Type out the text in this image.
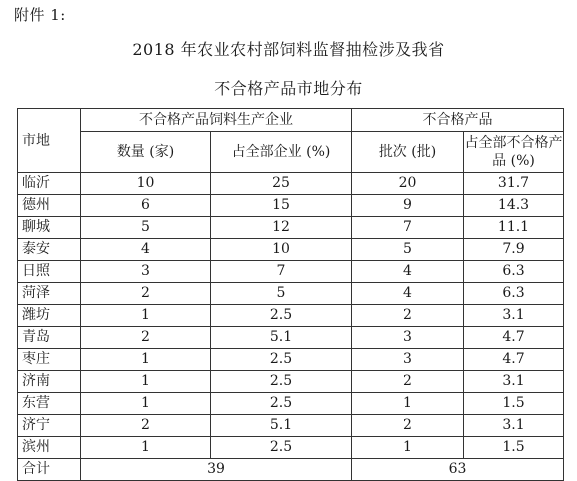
附件 1:
2018 年农业农村部饲料监督抽检涉及我省
不合格产品市地分布
市地	不合格产品饲料生产企业		不合格产品	
	数量 (家)	占全部企业 (%)	批次 (批)	占全部不合格产品 (%)
临沂	10	25	20	31.7
德州	6	15	9	14.3
聊城	5	12	7	11.1
泰安	4	10	5	7.9
日照	3	7	4	6.3
菏泽	2	5	4	6.3
潍坊	1	2.5	2	3.1
青岛	2	5.1	3	4.7
枣庄	1	2.5	3	4.7
济南	1	2.5	2	3.1
东营	1	2.5	1	1.5
济宁	2	5.1	2	3.1
滨州	1	2.5	1	1.5
合计	39		63	
